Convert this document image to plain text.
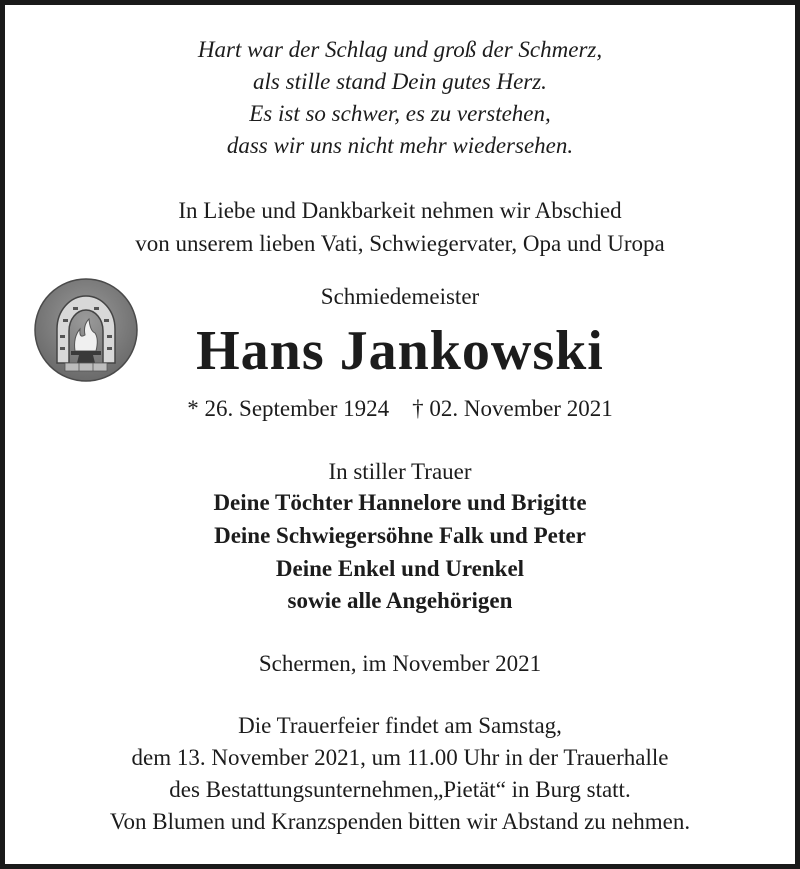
Hart war der Schlag und groß der Schmerz,
als stille stand Dein gutes Herz.
Es ist so schwer, es zu verstehen,
dass wir uns nicht mehr wiedersehen.
In Liebe und Dankbarkeit nehmen wir Abschied
von unserem lieben Vati, Schwiegervater, Opa und Uropa
Schmiedemeister
Hans Jankowski
* 26. September 1924    † 02. November 2021
In stiller Trauer
Deine Töchter Hannelore und Brigitte
Deine Schwiegersöhne Falk und Peter
Deine Enkel und Urenkel
sowie alle Angehörigen
Schermen, im November 2021
Die Trauerfeier findet am Samstag,
dem 13. November 2021, um 11.00 Uhr in der Trauerhalle
des Bestattungsunternehmen„Pietät“ in Burg statt.
Von Blumen und Kranzspenden bitten wir Abstand zu nehmen.
